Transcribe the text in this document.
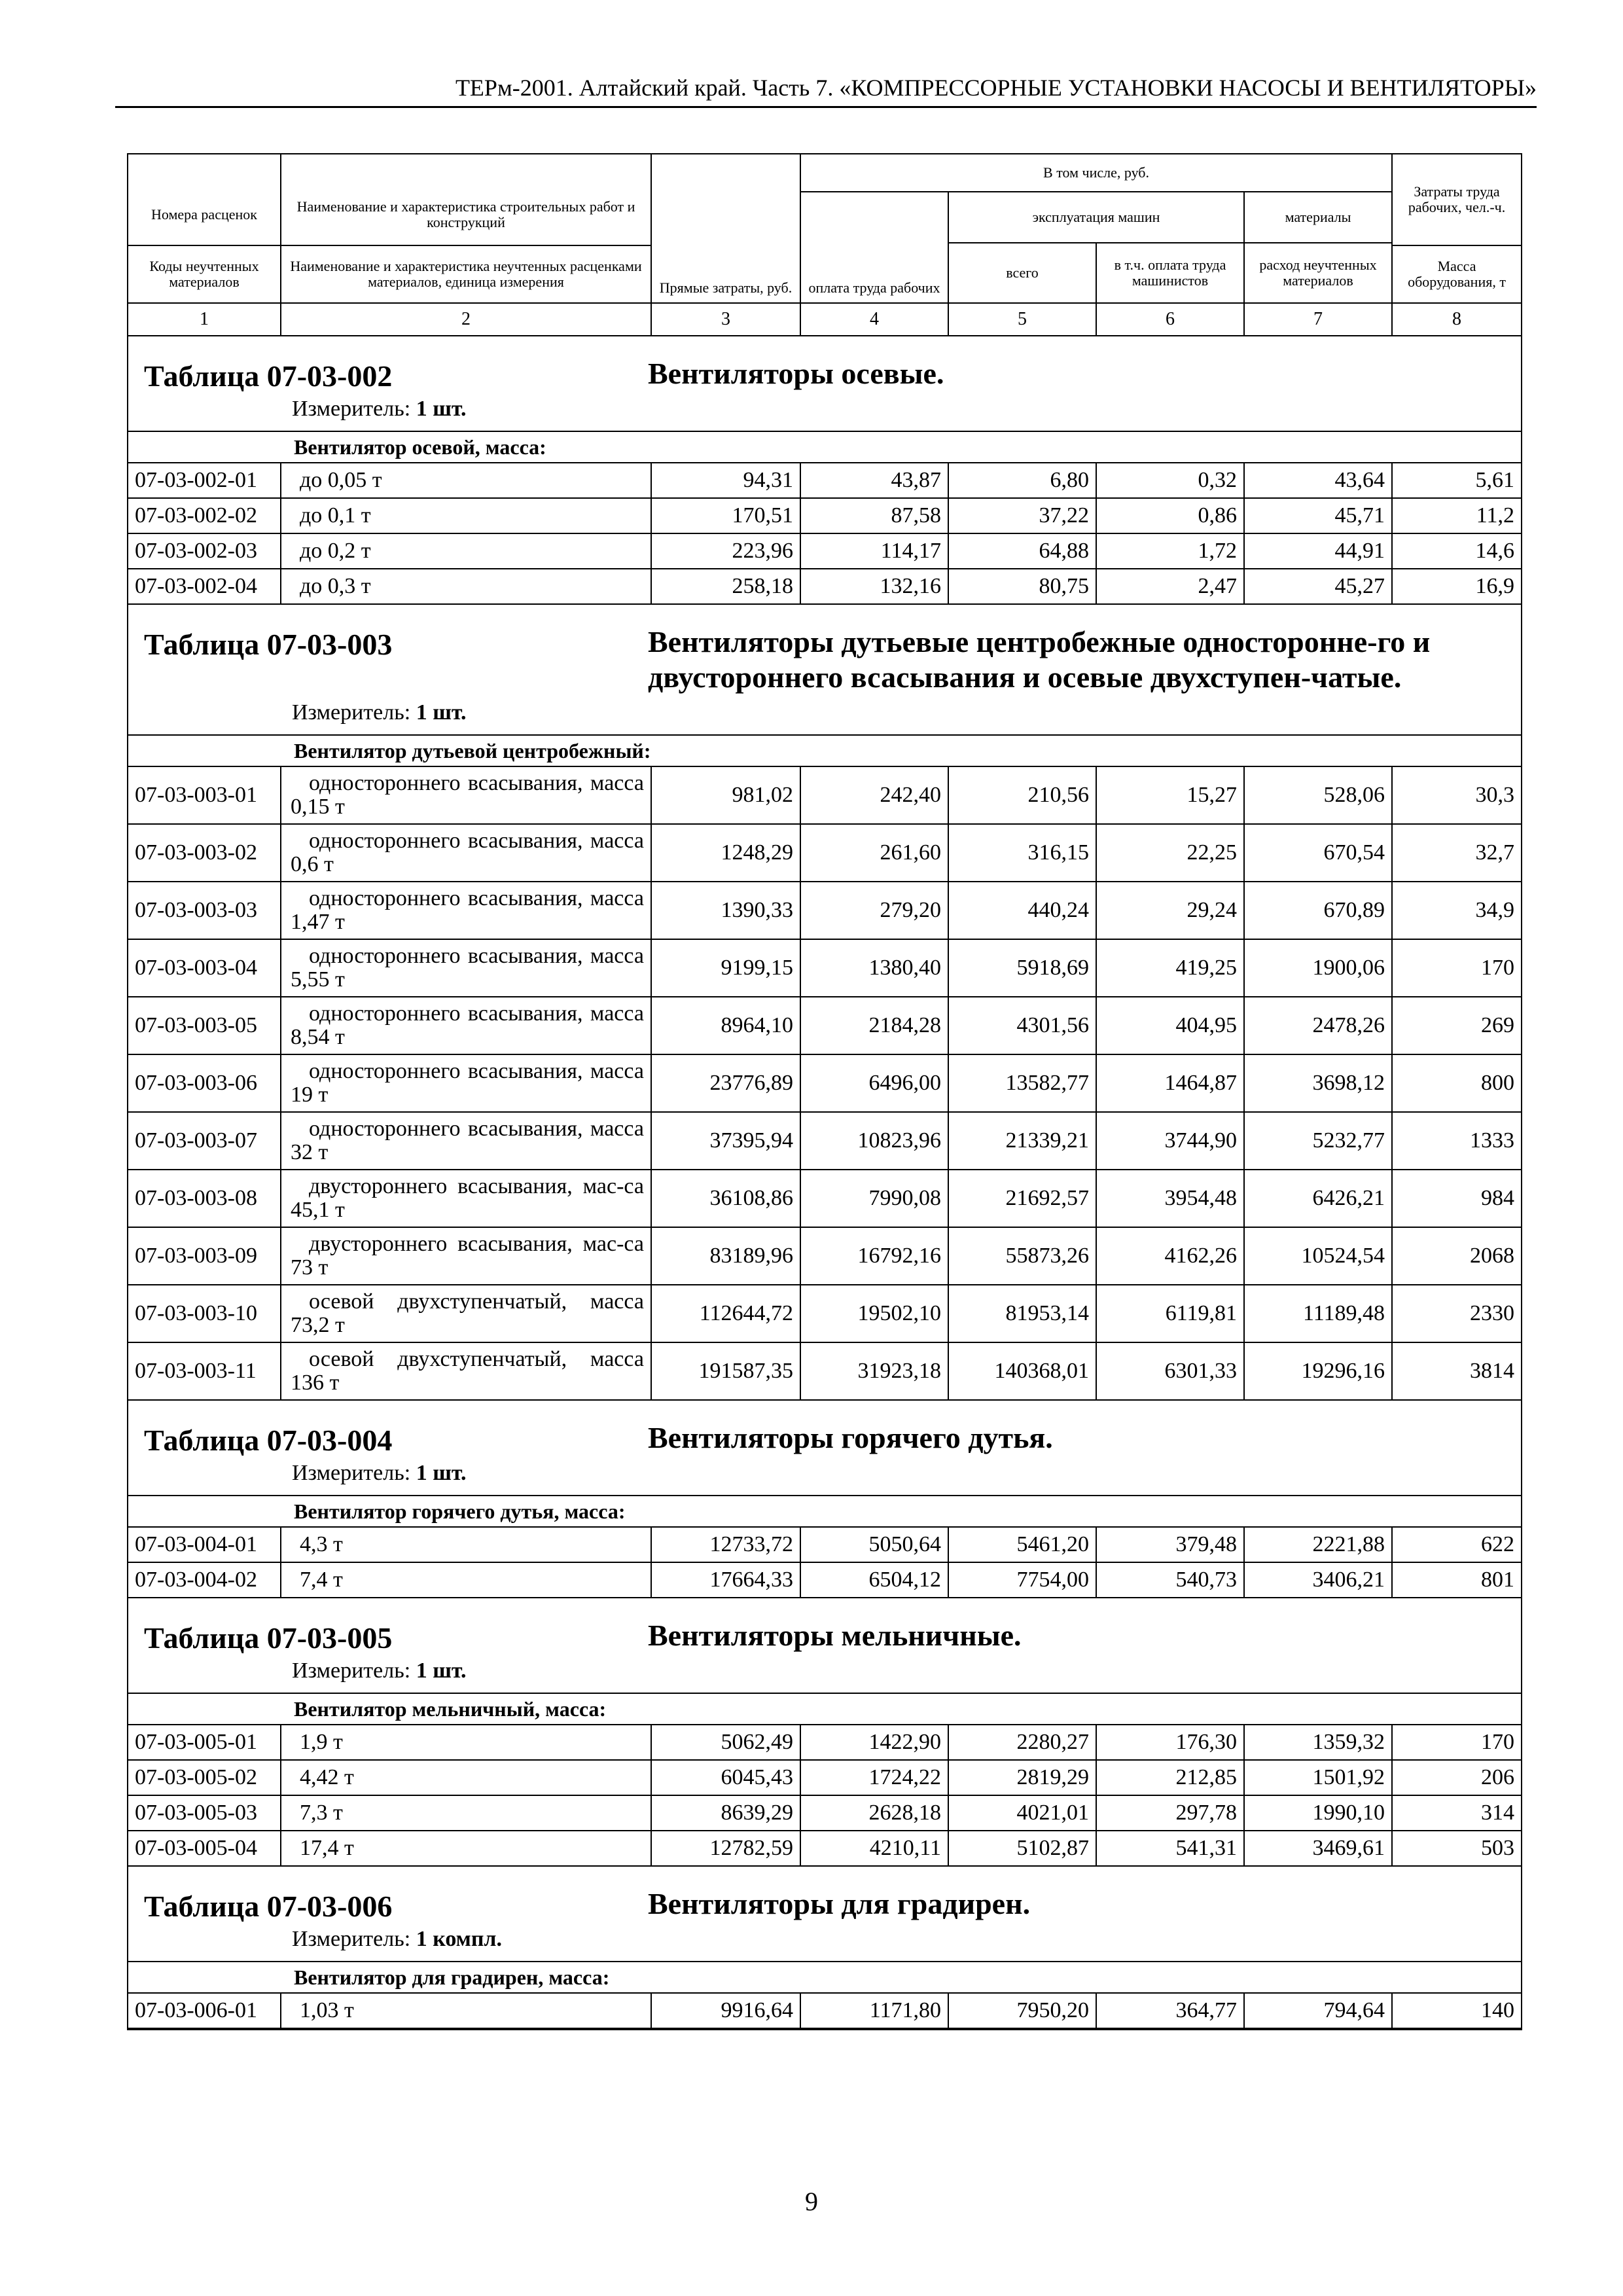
ТЕРм-2001. Алтайский край. Часть 7. «КОМПРЕССОРНЫЕ УСТАНОВКИ НАСОСЫ И ВЕНТИЛЯТОРЫ»
Номера расценок	Наименование и характеристика строительных работ и конструкций	Прямые затраты, руб.	В том числе, руб.				Затраты труда рабочих, чел.-ч.
			оплата труда рабочих	эксплуатация машин		материалы	
				всего	в т.ч. оплата труда машинистов	расход неучтенных материалов	
Коды неучтенных материалов	Наименование и характеристика неучтенных расценками материалов, единица измерения						Масса оборудования, т
1	2	3	4	5	6	7	8

Таблица 07-03-002 Вентиляторы осевые.
Измеритель: 1 шт.							

	Вентилятор осевой, масса:						
07-03-002-01	до 0,05 т	94,31	43,87	6,80	0,32	43,64	5,61
07-03-002-02	до 0,1 т	170,51	87,58	37,22	0,86	45,71	11,2
07-03-002-03	до 0,2 т	223,96	114,17	64,88	1,72	44,91	14,6
07-03-002-04	до 0,3 т	258,18	132,16	80,75	2,47	45,27	16,9

Таблица 07-03-003 Вентиляторы дутьевые центробежные односторонне-го и двустороннего всасывания и осевые двухступен-чатые.
Измеритель: 1 шт.							

	Вентилятор дутьевой центробежный:						
07-03-003-01	одностороннего всасывания, масса 0,15 т	981,02	242,40	210,56	15,27	528,06	30,3
07-03-003-02	одностороннего всасывания, масса 0,6 т	1248,29	261,60	316,15	22,25	670,54	32,7
07-03-003-03	одностороннего всасывания, масса 1,47 т	1390,33	279,20	440,24	29,24	670,89	34,9
07-03-003-04	одностороннего всасывания, масса 5,55 т	9199,15	1380,40	5918,69	419,25	1900,06	170
07-03-003-05	одностороннего всасывания, масса 8,54 т	8964,10	2184,28	4301,56	404,95	2478,26	269
07-03-003-06	одностороннего всасывания, масса 19 т	23776,89	6496,00	13582,77	1464,87	3698,12	800
07-03-003-07	одностороннего всасывания, масса 32 т	37395,94	10823,96	21339,21	3744,90	5232,77	1333
07-03-003-08	двустороннего всасывания, мас-са 45,1 т	36108,86	7990,08	21692,57	3954,48	6426,21	984
07-03-003-09	двустороннего всасывания, мас-са 73 т	83189,96	16792,16	55873,26	4162,26	10524,54	2068
07-03-003-10	осевой двухступенчатый, масса 73,2 т	112644,72	19502,10	81953,14	6119,81	11189,48	2330
07-03-003-11	осевой двухступенчатый, масса 136 т	191587,35	31923,18	140368,01	6301,33	19296,16	3814

Таблица 07-03-004 Вентиляторы горячего дутья.
Измеритель: 1 шт.							

	Вентилятор горячего дутья, масса:						
07-03-004-01	4,3 т	12733,72	5050,64	5461,20	379,48	2221,88	622
07-03-004-02	7,4 т	17664,33	6504,12	7754,00	540,73	3406,21	801

Таблица 07-03-005 Вентиляторы мельничные.
Измеритель: 1 шт.							

	Вентилятор мельничный, масса:						
07-03-005-01	1,9 т	5062,49	1422,90	2280,27	176,30	1359,32	170
07-03-005-02	4,42 т	6045,43	1724,22	2819,29	212,85	1501,92	206
07-03-005-03	7,3 т	8639,29	2628,18	4021,01	297,78	1990,10	314
07-03-005-04	17,4 т	12782,59	4210,11	5102,87	541,31	3469,61	503

Таблица 07-03-006 Вентиляторы для градирен.
Измеритель: 1 компл.							

	Вентилятор для градирен, масса:						
07-03-006-01	1,03 т	9916,64	1171,80	7950,20	364,77	794,64	140
9
